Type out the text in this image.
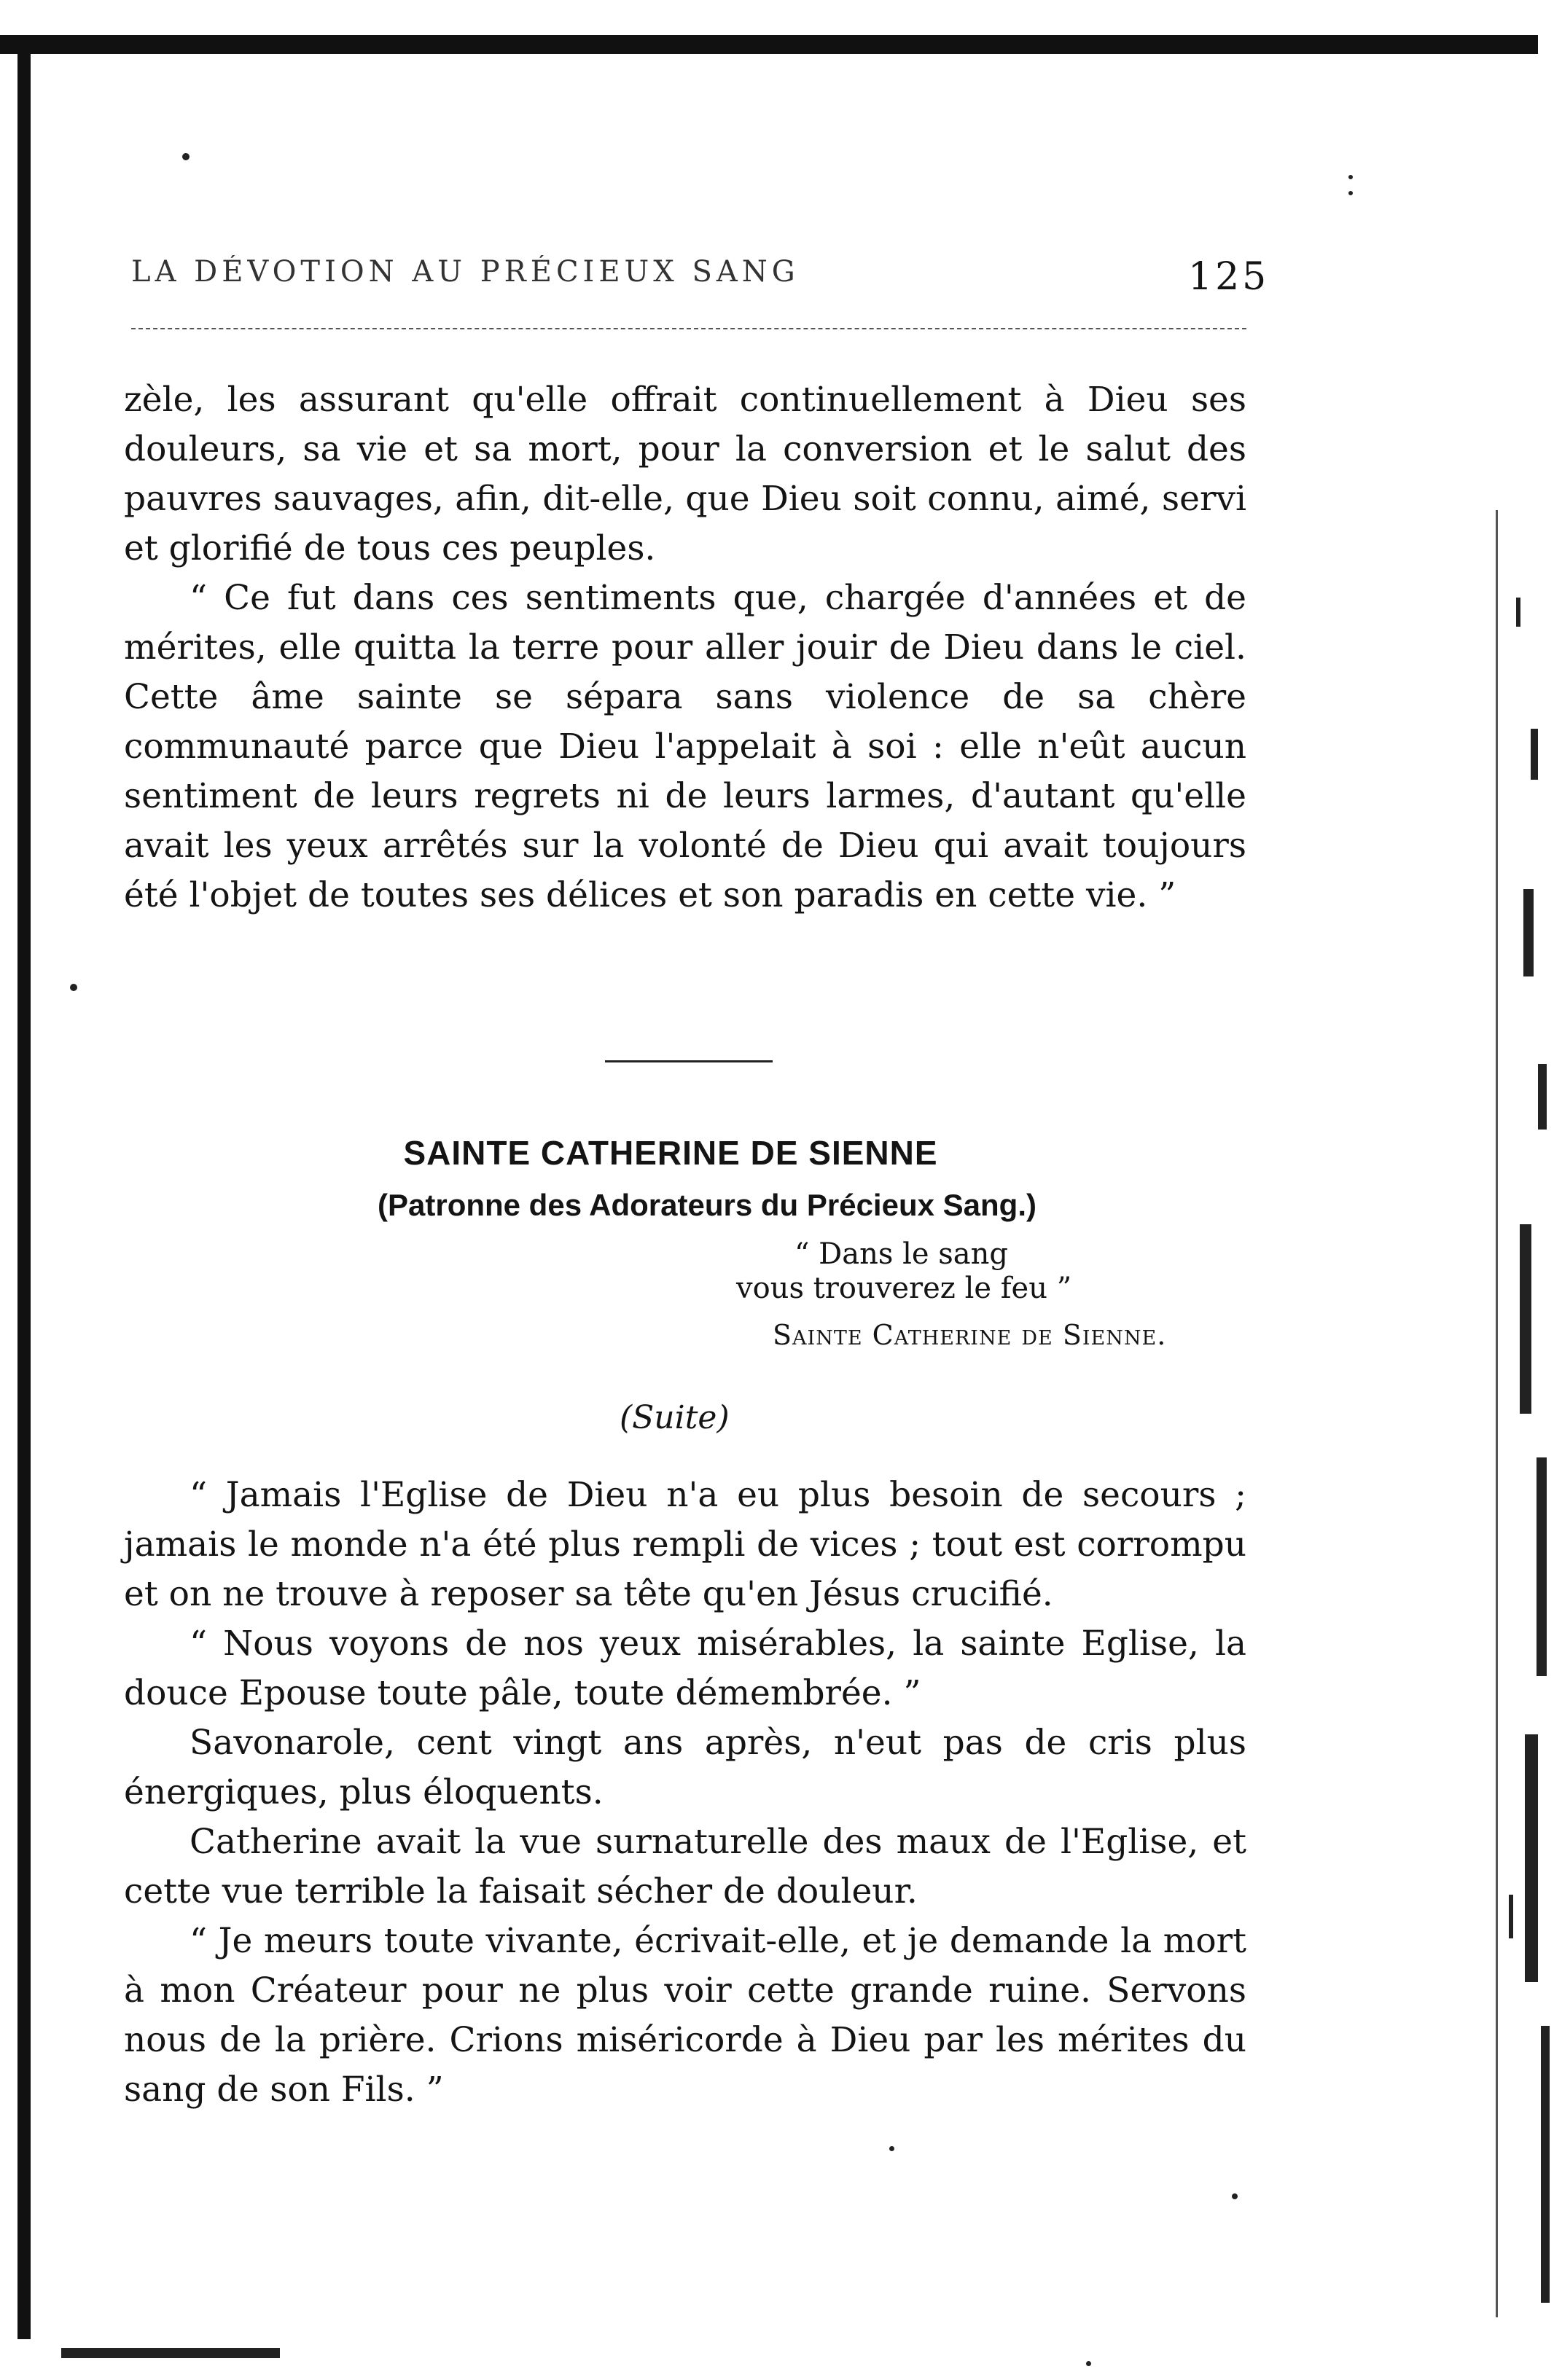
LA DÉVOTION AU PRÉCIEUX SANG	125

zèle, les assurant qu'elle offrait continuellement à Dieu ses douleurs, sa vie et sa mort, pour la conversion et le salut des pauvres sauvages, afin, dit-elle, que Dieu soit connu, aimé, servi et glorifié de tous ces peuples.

“ Ce fut dans ces sentiments que, chargée d'années et de mérites, elle quitta la terre pour aller jouir de Dieu dans le ciel. Cette âme sainte se sépara sans violence de sa chère communauté parce que Dieu l'appelait à soi : elle n'eût aucun sentiment de leurs regrets ni de leurs larmes, d'autant qu'elle avait les yeux arrêtés sur la volonté de Dieu qui avait toujours été l'objet de toutes ses délices et son paradis en cette vie. ”

SAINTE CATHERINE DE SIENNE
(Patronne des Adorateurs du Précieux Sang.)
“ Dans le sang
vous trouverez le feu ”
Sainte Catherine de Sienne.
(Suite)

“ Jamais l'Eglise de Dieu n'a eu plus besoin de secours ; jamais le monde n'a été plus rempli de vices ; tout est corrompu et on ne trouve à reposer sa tête qu'en Jésus crucifié.

“ Nous voyons de nos yeux misérables, la sainte Eglise, la douce Epouse toute pâle, toute démembrée. ”

Savonarole, cent vingt ans après, n'eut pas de cris plus énergiques, plus éloquents.

Catherine avait la vue surnaturelle des maux de l'Eglise, et cette vue terrible la faisait sécher de douleur.

“ Je meurs toute vivante, écrivait-elle, et je demande la mort à mon Créateur pour ne plus voir cette grande ruine. Servons nous de la prière. Crions miséricorde à Dieu par les mérites du sang de son Fils. ”
